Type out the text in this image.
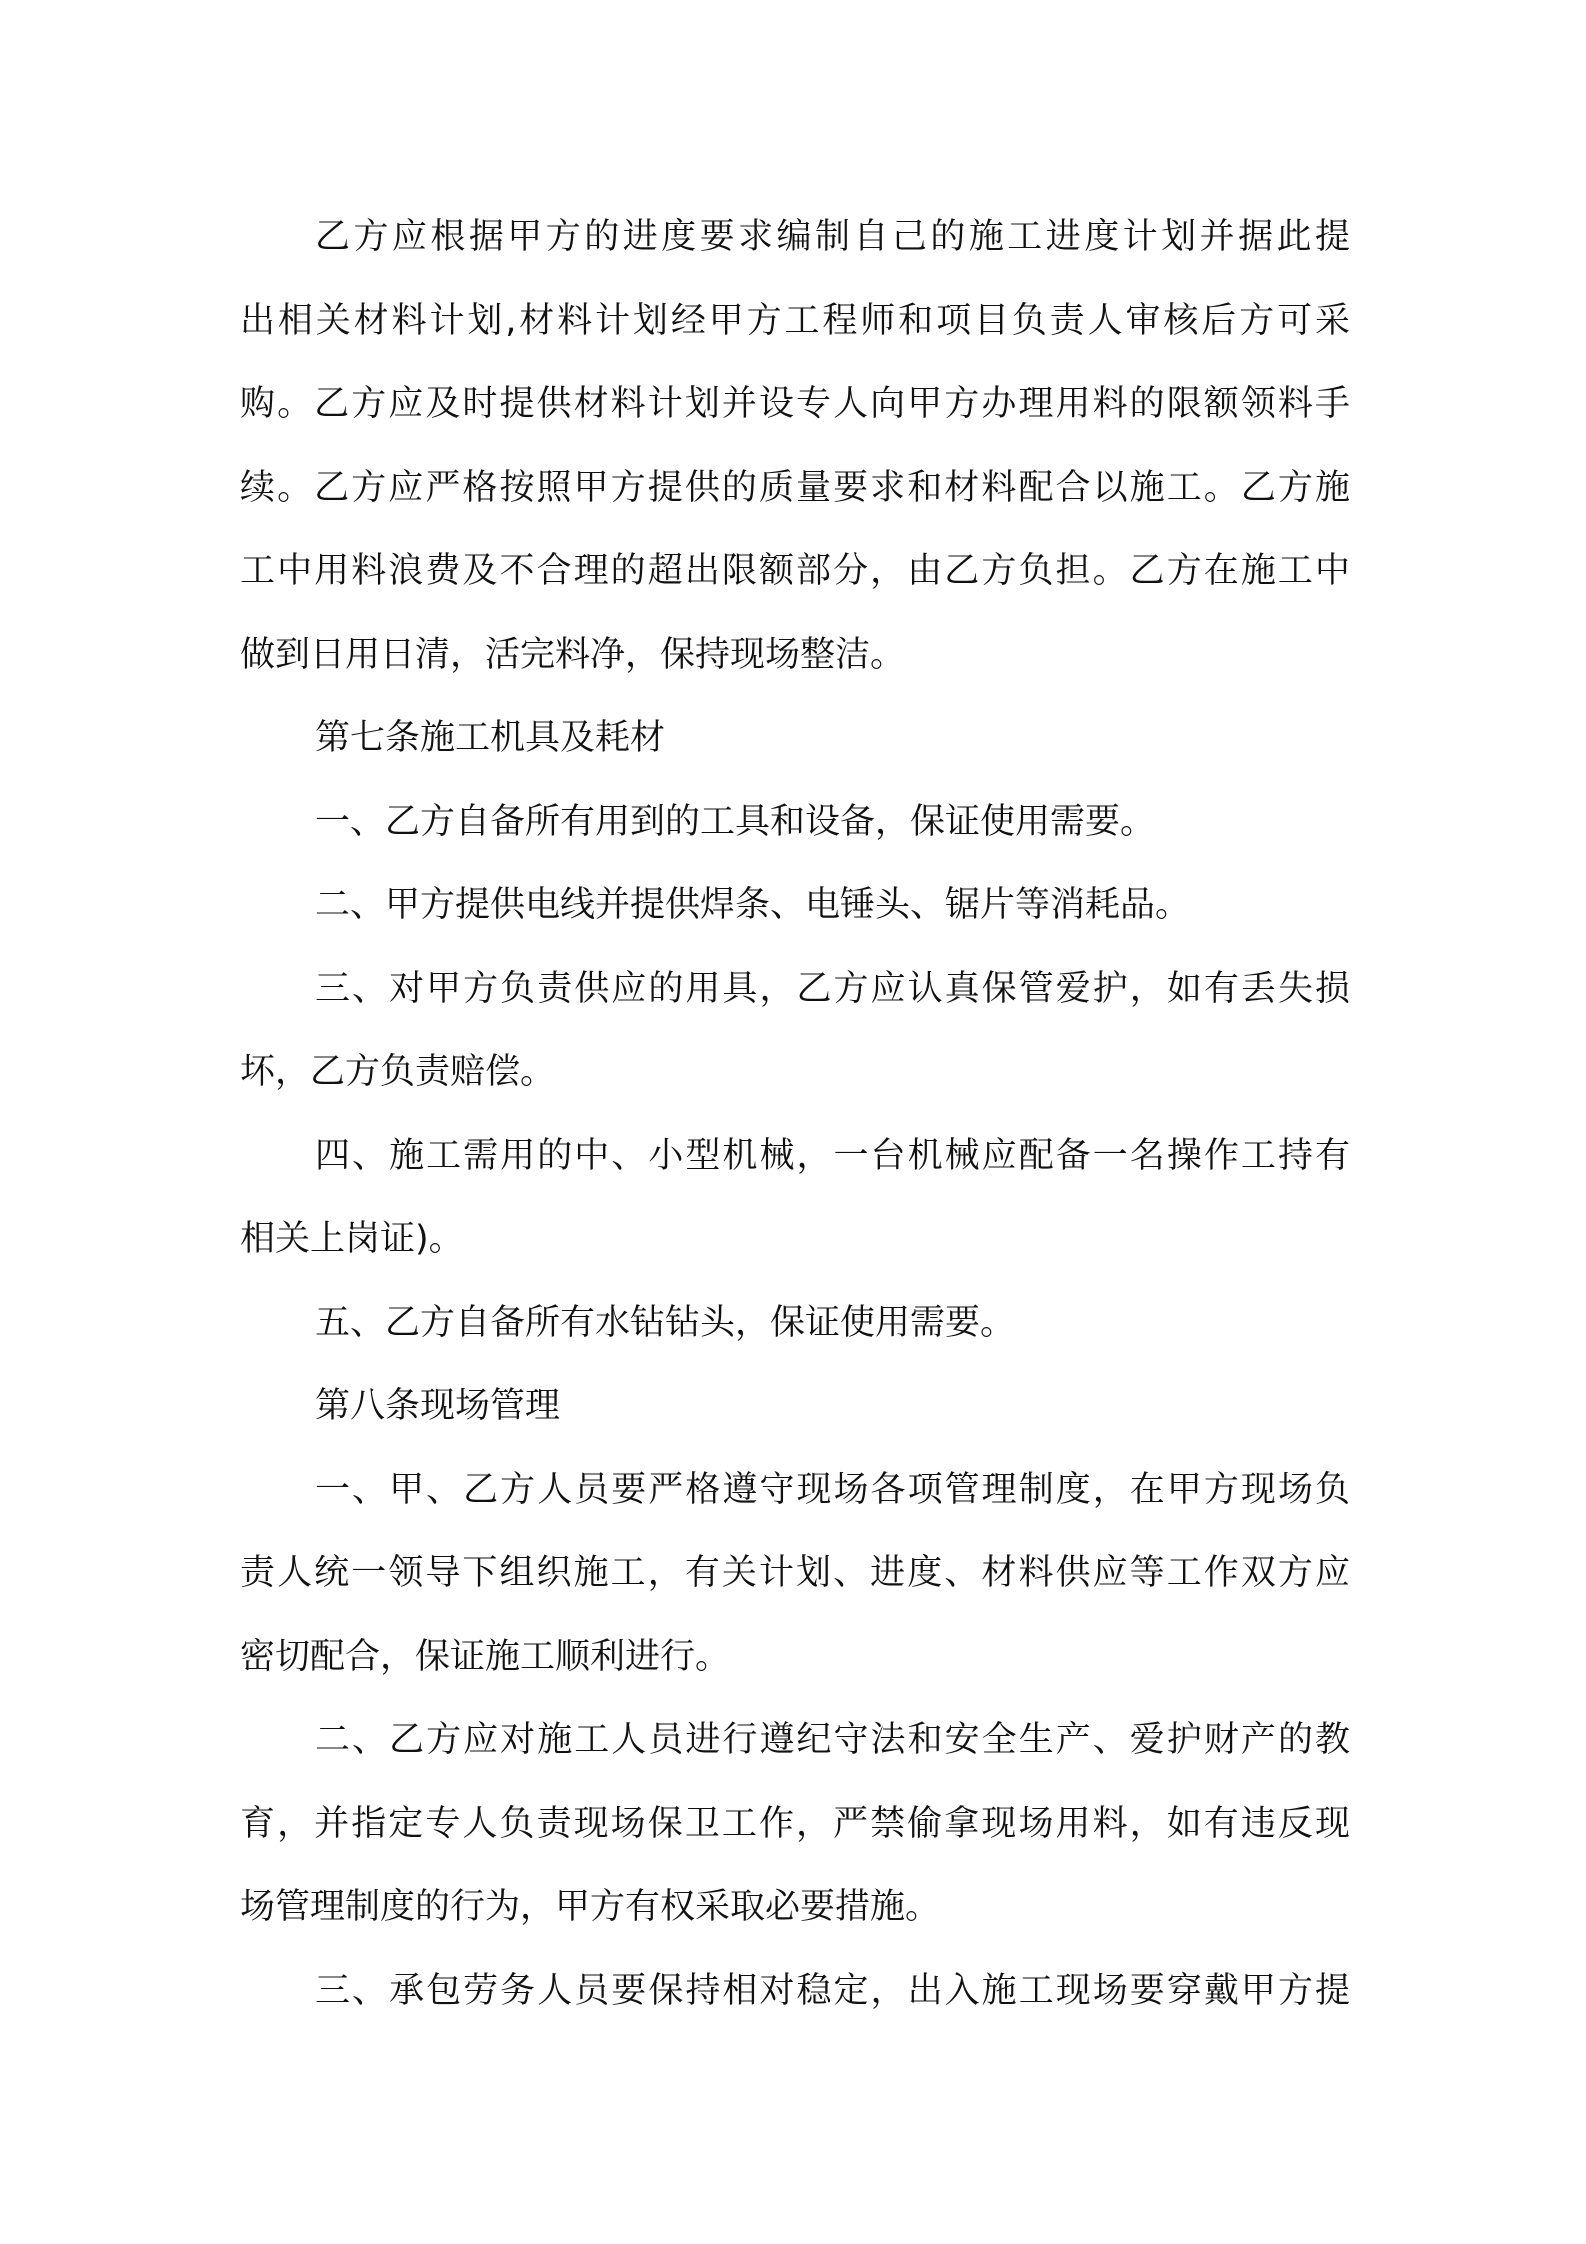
乙方应根据甲方的进度要求编制自己的施工进度计划并据此提
出相关材料计划,材料计划经甲方工程师和项目负责人审核后方可采
购。乙方应及时提供材料计划并设专人向甲方办理用料的限额领料手
续。乙方应严格按照甲方提供的质量要求和材料配合以施工。乙方施
工中用料浪费及不合理的超出限额部分，由乙方负担。乙方在施工中
做到日用日清，活完料净，保持现场整洁。
第七条施工机具及耗材
一、乙方自备所有用到的工具和设备，保证使用需要。
二、甲方提供电线并提供焊条、电锤头、锯片等消耗品。
三、对甲方负责供应的用具，乙方应认真保管爱护，如有丢失损
坏，乙方负责赔偿。
四、施工需用的中、小型机械，一台机械应配备一名操作工持有
相关上岗证)。
五、乙方自备所有水钻钻头，保证使用需要。
第八条现场管理
一、甲、乙方人员要严格遵守现场各项管理制度，在甲方现场负
责人统一领导下组织施工，有关计划、进度、材料供应等工作双方应
密切配合，保证施工顺利进行。
二、乙方应对施工人员进行遵纪守法和安全生产、爱护财产的教
育，并指定专人负责现场保卫工作，严禁偷拿现场用料，如有违反现
场管理制度的行为，甲方有权采取必要措施。
三、承包劳务人员要保持相对稳定，出入施工现场要穿戴甲方提
